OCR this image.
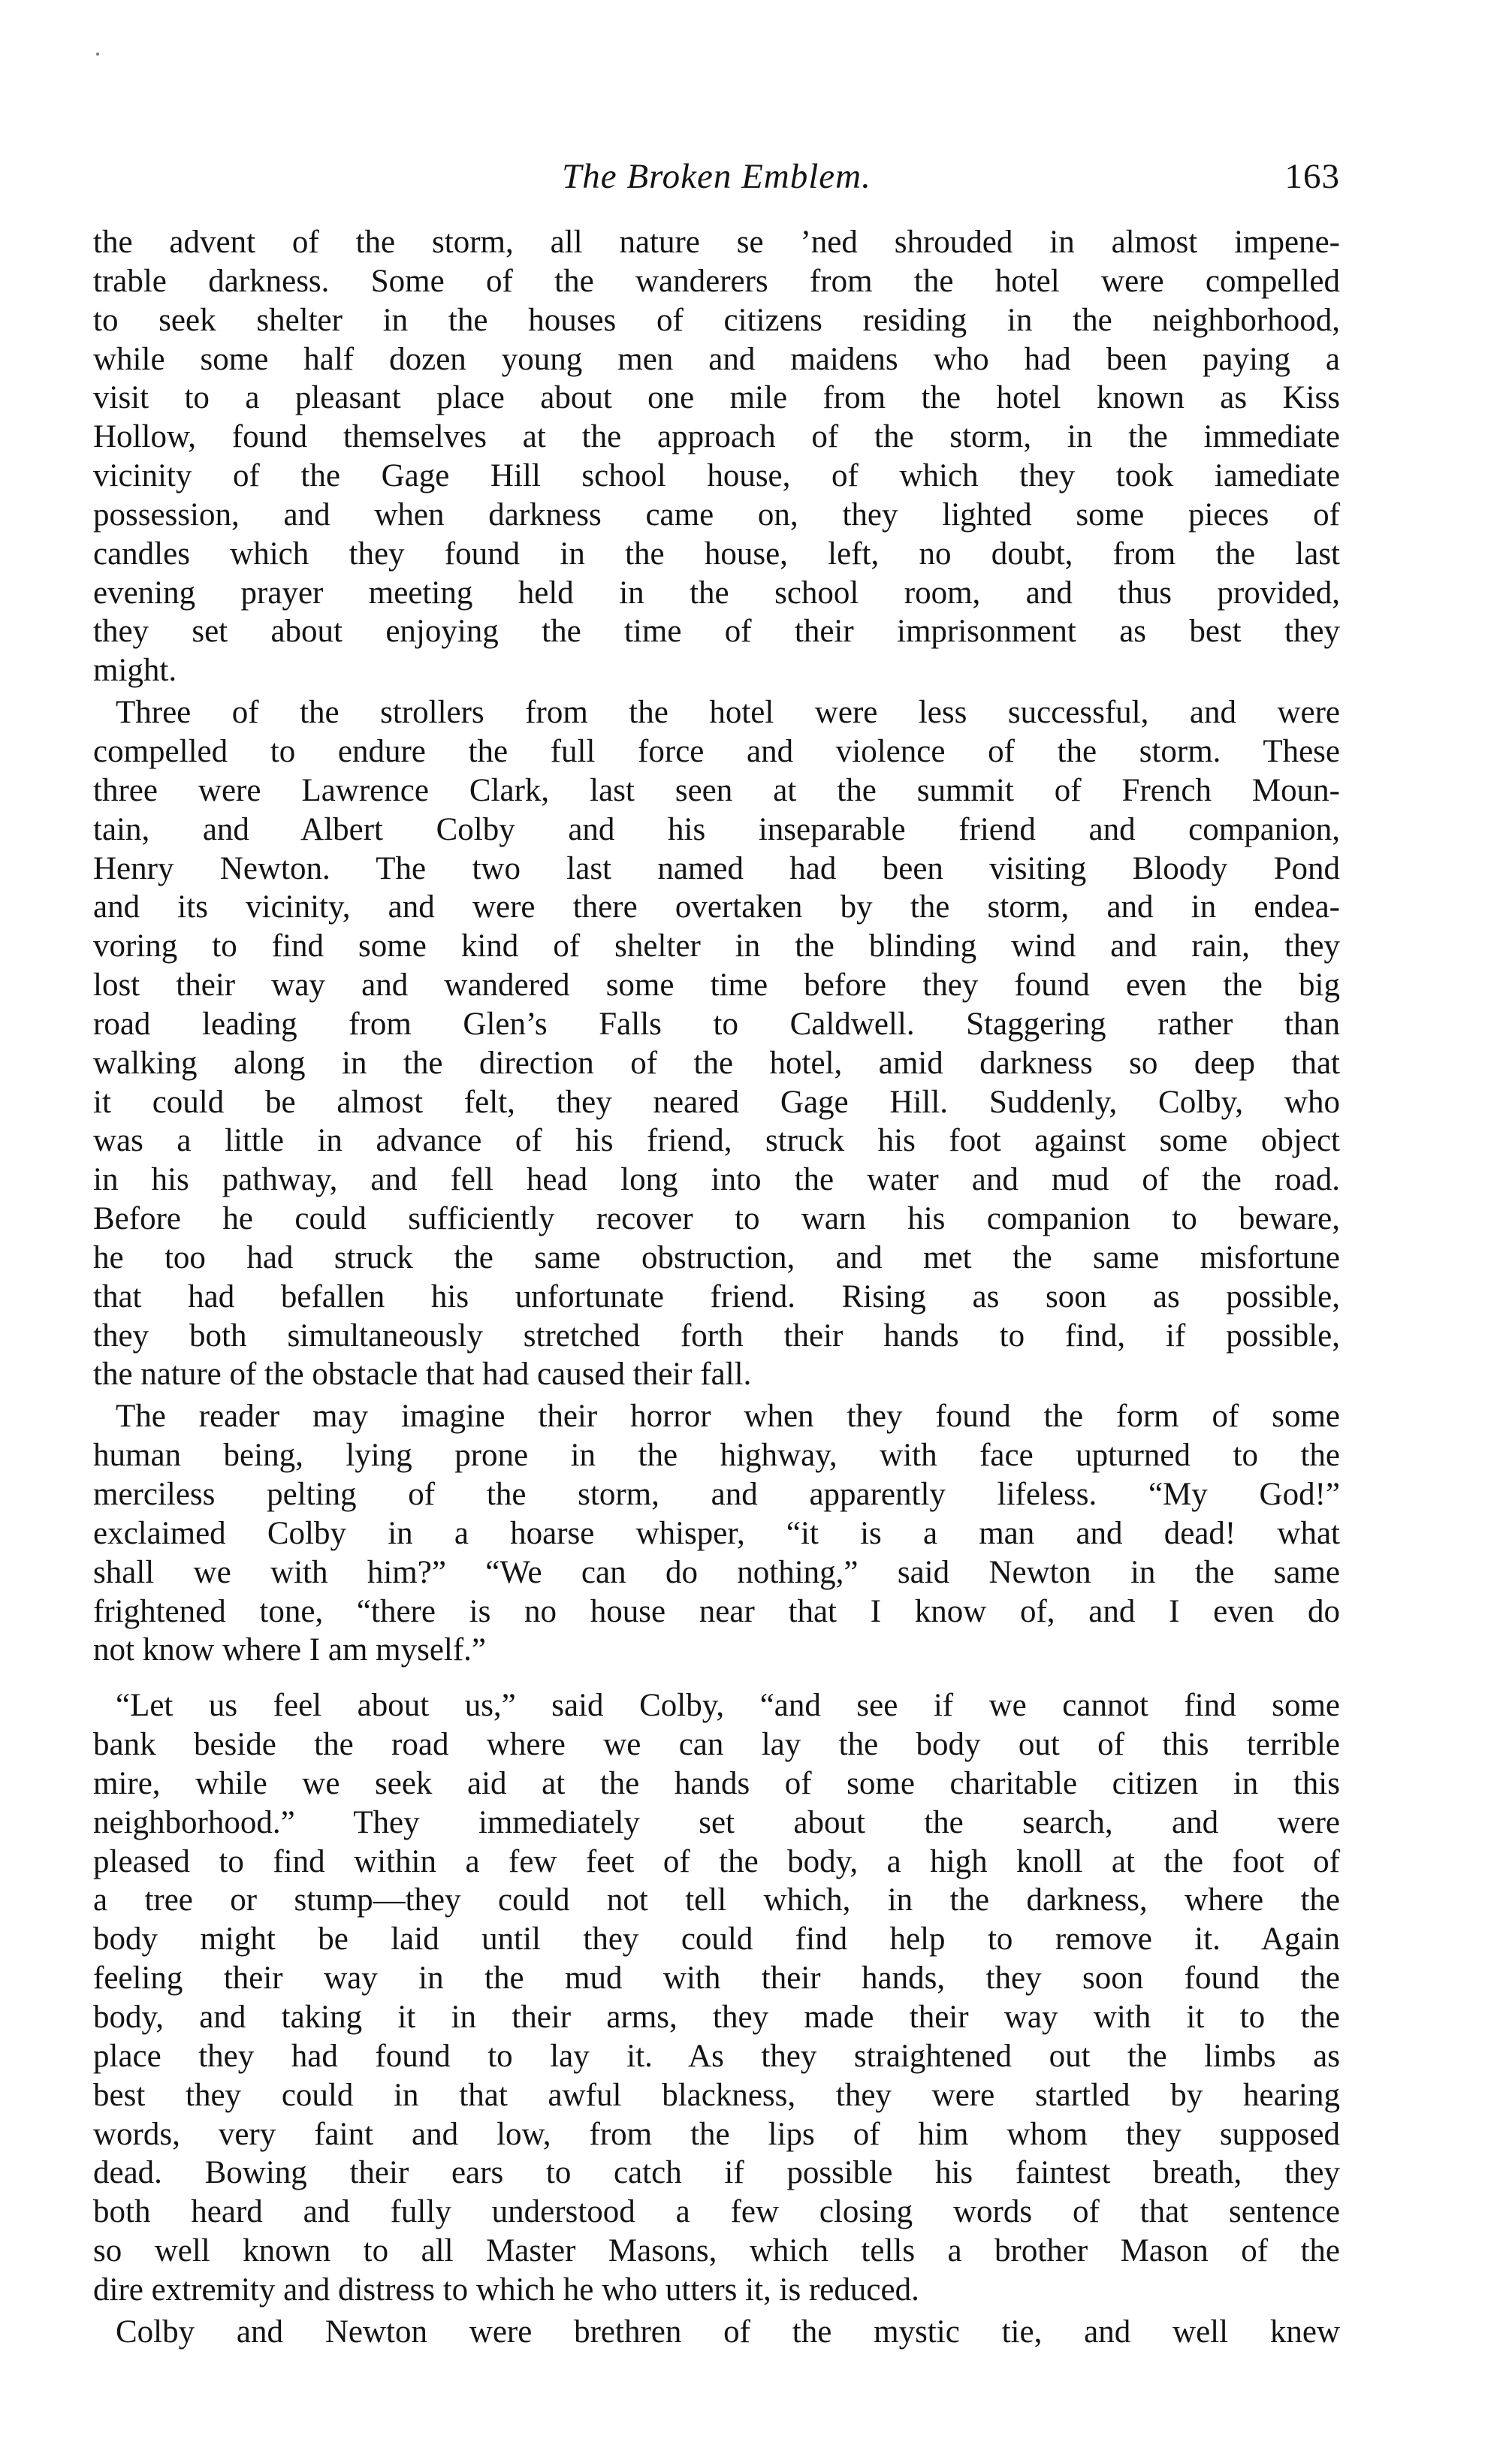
The Broken Emblem.	163

the advent of the storm, all nature se ’ned shrouded in almost impene-
trable darkness. Some of the wanderers from the hotel were compelled
to seek shelter in the houses of citizens residing in the neighborhood,
while some half dozen young men and maidens who had been paying a
visit to a pleasant place about one mile from the hotel known as Kiss
Hollow, found themselves at the approach of the storm, in the immediate
vicinity of the Gage Hill school house, of which they took iamediate
possession, and when darkness came on, they lighted some pieces of
candles which they found in the house, left, no doubt, from the last
evening prayer meeting held in the school room, and thus provided,
they set about enjoying the time of their imprisonment as best they
might.

Three of the strollers from the hotel were less successful, and were
compelled to endure the full force and violence of the storm. These
three were Lawrence Clark, last seen at the summit of French Moun-
tain, and Albert Colby and his inseparable friend and companion,
Henry Newton. The two last named had been visiting Bloody Pond
and its vicinity, and were there overtaken by the storm, and in endea-
voring to find some kind of shelter in the blinding wind and rain, they
lost their way and wandered some time before they found even the big
road leading from Glen’s Falls to Caldwell. Staggering rather than
walking along in the direction of the hotel, amid darkness so deep that
it could be almost felt, they neared Gage Hill. Suddenly, Colby, who
was a little in advance of his friend, struck his foot against some object
in his pathway, and fell head long into the water and mud of the road.
Before he could sufficiently recover to warn his companion to beware,
he too had struck the same obstruction, and met the same misfortune
that had befallen his unfortunate friend. Rising as soon as possible,
they both simultaneously stretched forth their hands to find, if possible,
the nature of the obstacle that had caused their fall.

The reader may imagine their horror when they found the form of some
human being, lying prone in the highway, with face upturned to the
merciless pelting of the storm, and apparently lifeless. “My God!”
exclaimed Colby in a hoarse whisper, “it is a man and dead! what
shall we with him?” “We can do nothing,” said Newton in the same
frightened tone, “there is no house near that I know of, and I even do
not know where I am myself.”

“Let us feel about us,” said Colby, “and see if we cannot find some
bank beside the road where we can lay the body out of this terrible
mire, while we seek aid at the hands of some charitable citizen in this
neighborhood.” They immediately set about the search, and were
pleased to find within a few feet of the body, a high knoll at the foot of
a tree or stump—they could not tell which, in the darkness, where the
body might be laid until they could find help to remove it. Again
feeling their way in the mud with their hands, they soon found the
body, and taking it in their arms, they made their way with it to the
place they had found to lay it. As they straightened out the limbs as
best they could in that awful blackness, they were startled by hearing
words, very faint and low, from the lips of him whom they supposed
dead. Bowing their ears to catch if possible his faintest breath, they
both heard and fully understood a few closing words of that sentence
so well known to all Master Masons, which tells a brother Mason of the
dire extremity and distress to which he who utters it, is reduced.

Colby and Newton were brethren of the mystic tie, and well knew
